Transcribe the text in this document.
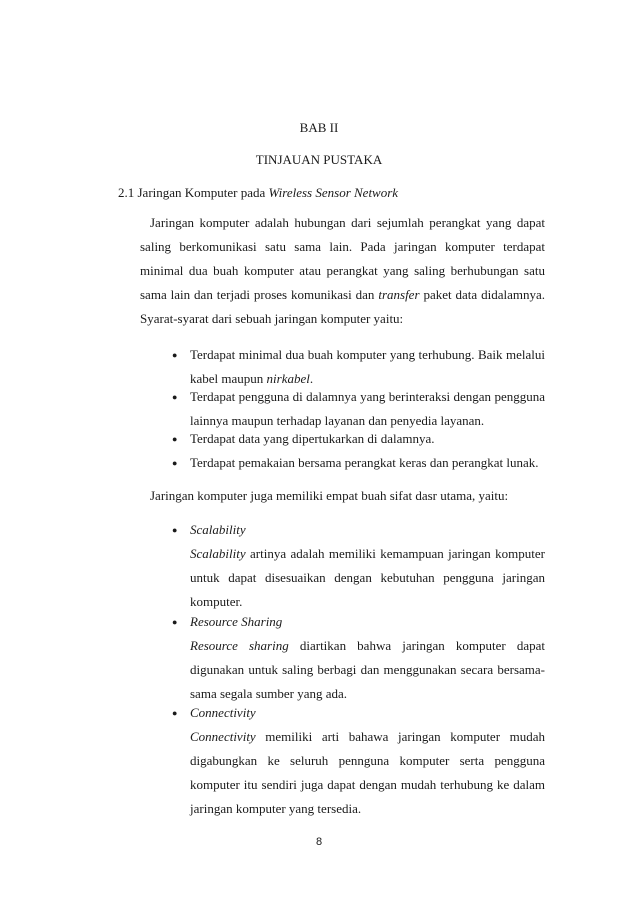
BAB II
TINJAUAN PUSTAKA
2.1 Jaringan Komputer pada Wireless Sensor Network
Jaringan komputer adalah hubungan dari sejumlah perangkat yang dapat
saling berkomunikasi satu sama lain. Pada jaringan komputer terdapat
minimal dua buah komputer atau perangkat yang saling berhubungan satu
sama lain dan terjadi proses komunikasi dan transfer paket data didalamnya.
Syarat-syarat dari sebuah jaringan komputer yaitu:
● Terdapat minimal dua buah komputer yang terhubung. Baik melalui
kabel maupun nirkabel.
● Terdapat pengguna di dalamnya yang berinteraksi dengan pengguna
lainnya maupun terhadap layanan dan penyedia layanan.
● Terdapat data yang dipertukarkan di dalamnya.
● Terdapat pemakaian bersama perangkat keras dan perangkat lunak.
Jaringan komputer juga memiliki empat buah sifat dasr utama, yaitu:
● Scalability
Scalability artinya adalah memiliki kemampuan jaringan komputer
untuk dapat disesuaikan dengan kebutuhan pengguna jaringan
komputer.
● Resource Sharing
Resource sharing diartikan bahwa jaringan komputer dapat
digunakan untuk saling berbagi dan menggunakan secara bersama-
sama segala sumber yang ada.
● Connectivity
Connectivity memiliki arti bahawa jaringan komputer mudah
digabungkan ke seluruh pennguna komputer serta pengguna
komputer itu sendiri juga dapat dengan mudah terhubung ke dalam
jaringan komputer yang tersedia.
8
